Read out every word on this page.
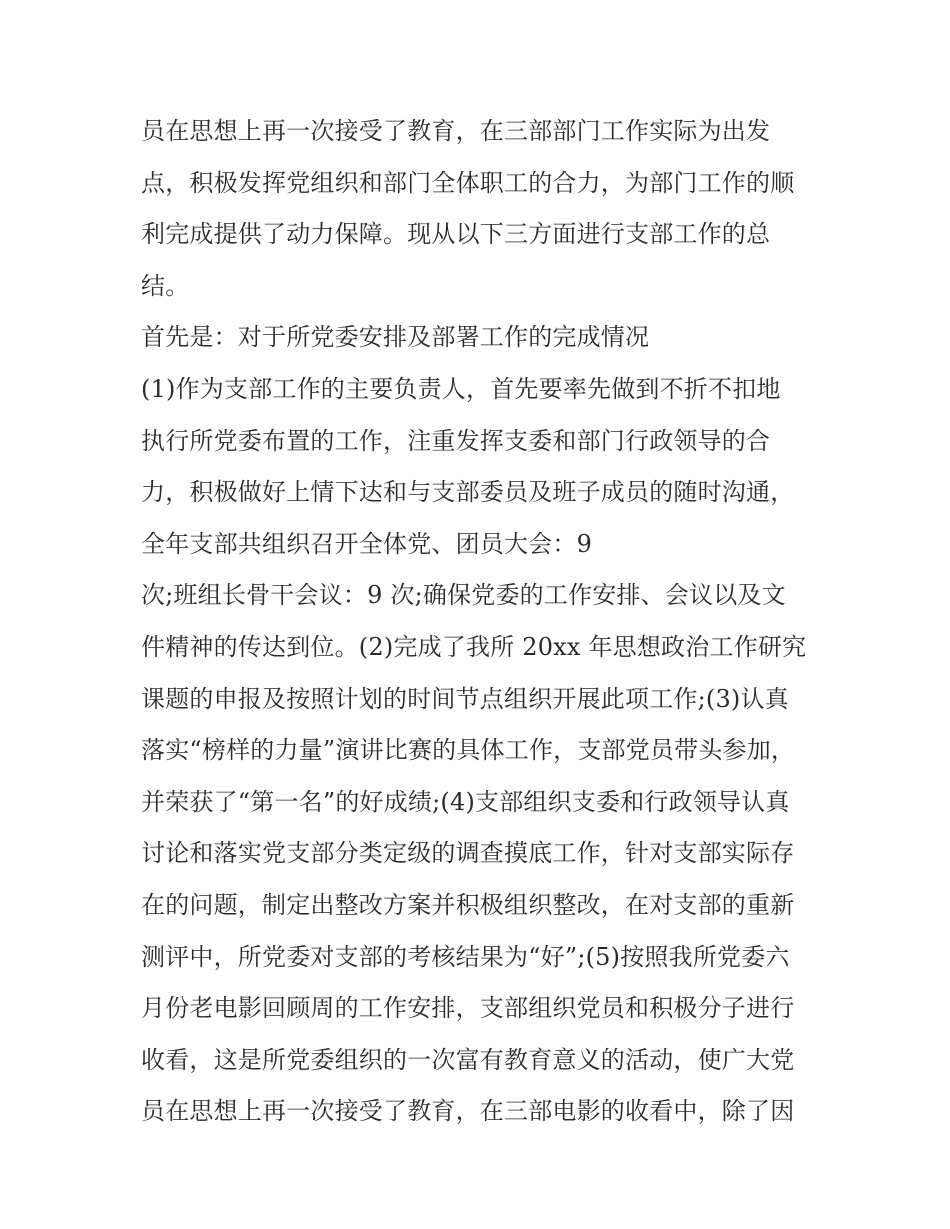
员在思想上再一次接受了教育，在三部部门工作实际为出发
点，积极发挥党组织和部门全体职工的合力，为部门工作的顺
利完成提供了动力保障。现从以下三方面进行支部工作的总
结。
首先是：对于所党委安排及部署工作的完成情况
(1)作为支部工作的主要负责人，首先要率先做到不折不扣地
执行所党委布置的工作，注重发挥支委和部门行政领导的合
力，积极做好上情下达和与支部委员及班子成员的随时沟通，
全年支部共组织召开全体党、团员大会：9
次;班组长骨干会议：9 次;确保党委的工作安排、会议以及文
件精神的传达到位。(2)完成了我所 20xx 年思想政治工作研究
课题的申报及按照计划的时间节点组织开展此项工作;(3)认真
落实“榜样的力量”演讲比赛的具体工作，支部党员带头参加，
并荣获了“第一名”的好成绩;(4)支部组织支委和行政领导认真
讨论和落实党支部分类定级的调查摸底工作，针对支部实际存
在的问题，制定出整改方案并积极组织整改，在对支部的重新
测评中，所党委对支部的考核结果为“好”;(5)按照我所党委六
月份老电影回顾周的工作安排，支部组织党员和积极分子进行
收看，这是所党委组织的一次富有教育意义的活动，使广大党
员在思想上再一次接受了教育，在三部电影的收看中，除了因
